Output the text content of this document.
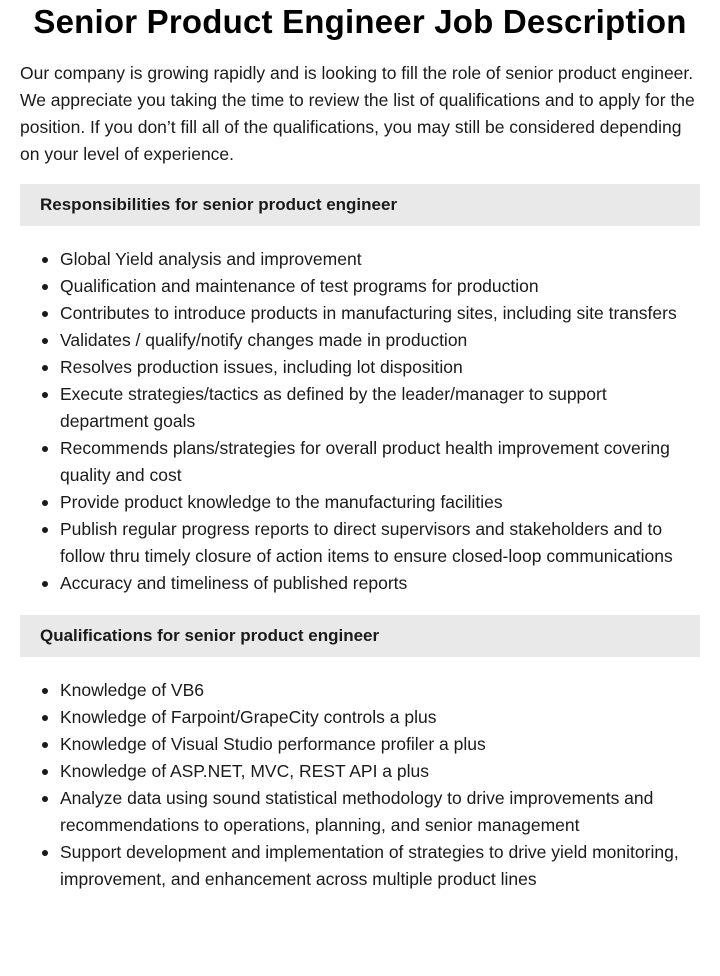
Senior Product Engineer Job Description

Our company is growing rapidly and is looking to fill the role of senior product engineer. We appreciate you taking the time to review the list of qualifications and to apply for the position. If you don’t fill all of the qualifications, you may still be considered depending on your level of experience.

Responsibilities for senior product engineer
Global Yield analysis and improvement
Qualification and maintenance of test programs for production
Contributes to introduce products in manufacturing sites, including site transfers
Validates / qualify/notify changes made in production
Resolves production issues, including lot disposition
Execute strategies/tactics as defined by the leader/manager to support department goals
Recommends plans/strategies for overall product health improvement covering quality and cost
Provide product knowledge to the manufacturing facilities
Publish regular progress reports to direct supervisors and stakeholders and to follow thru timely closure of action items to ensure closed-loop communications
Accuracy and timeliness of published reports
Qualifications for senior product engineer
Knowledge of VB6
Knowledge of Farpoint/GrapeCity controls a plus
Knowledge of Visual Studio performance profiler a plus
Knowledge of ASP.NET, MVC, REST API a plus
Analyze data using sound statistical methodology to drive improvements and recommendations to operations, planning, and senior management
Support development and implementation of strategies to drive yield monitoring, improvement, and enhancement across multiple product lines
